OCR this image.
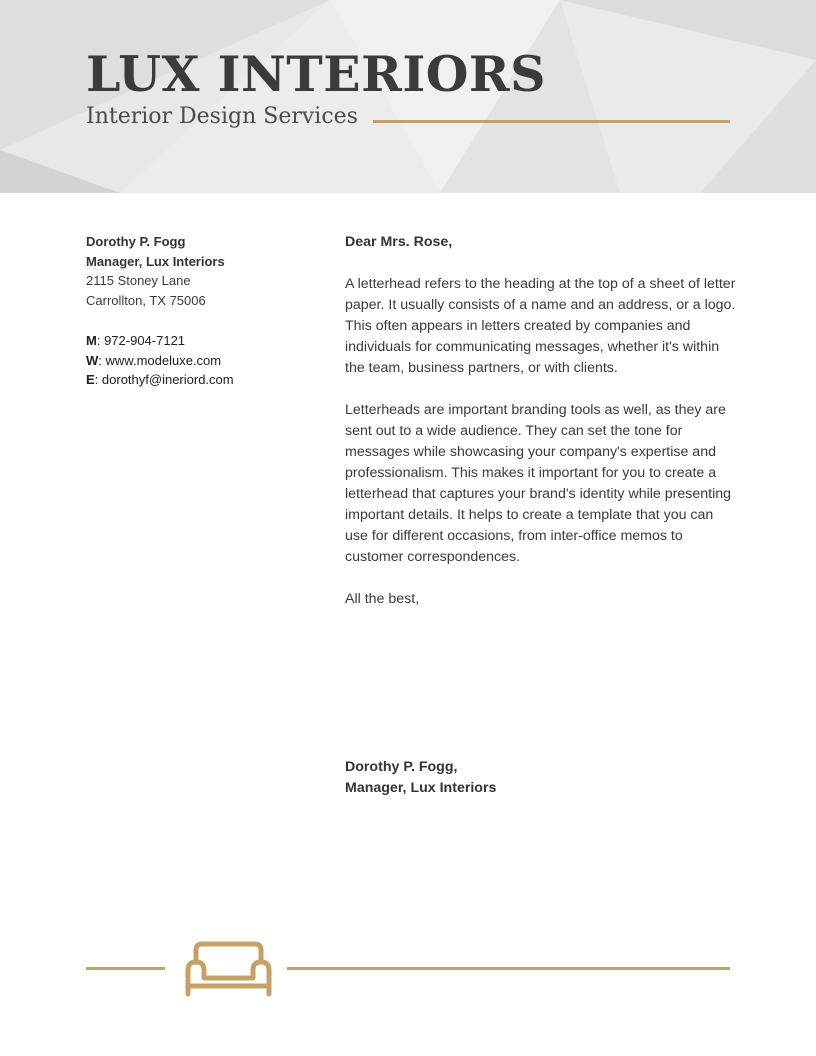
LUX INTERIORS
Interior Design Services
Dorothy P. Fogg
Manager, Lux Interiors
2115 Stoney Lane
Carrollton, TX 75006
M: 972-904-7121
W: www.modeluxe.com
E: dorothyf@ineriord.com

Dear Mrs. Rose,

A letterhead refers to the heading at the top of a sheet of letter paper. It usually consists of a name and an address, or a logo. This often appears in letters created by companies and individuals for communicating messages, whether it's within the team, business partners, or with clients.

Letterheads are important branding tools as well, as they are sent out to a wide audience. They can set the tone for messages while showcasing your company's expertise and professionalism. This makes it important for you to create a letterhead that captures your brand's identity while presenting important details. It helps to create a template that you can use for different occasions, from inter-office memos to customer correspondences.

All the best,

Dorothy P. Fogg,
Manager, Lux Interiors
